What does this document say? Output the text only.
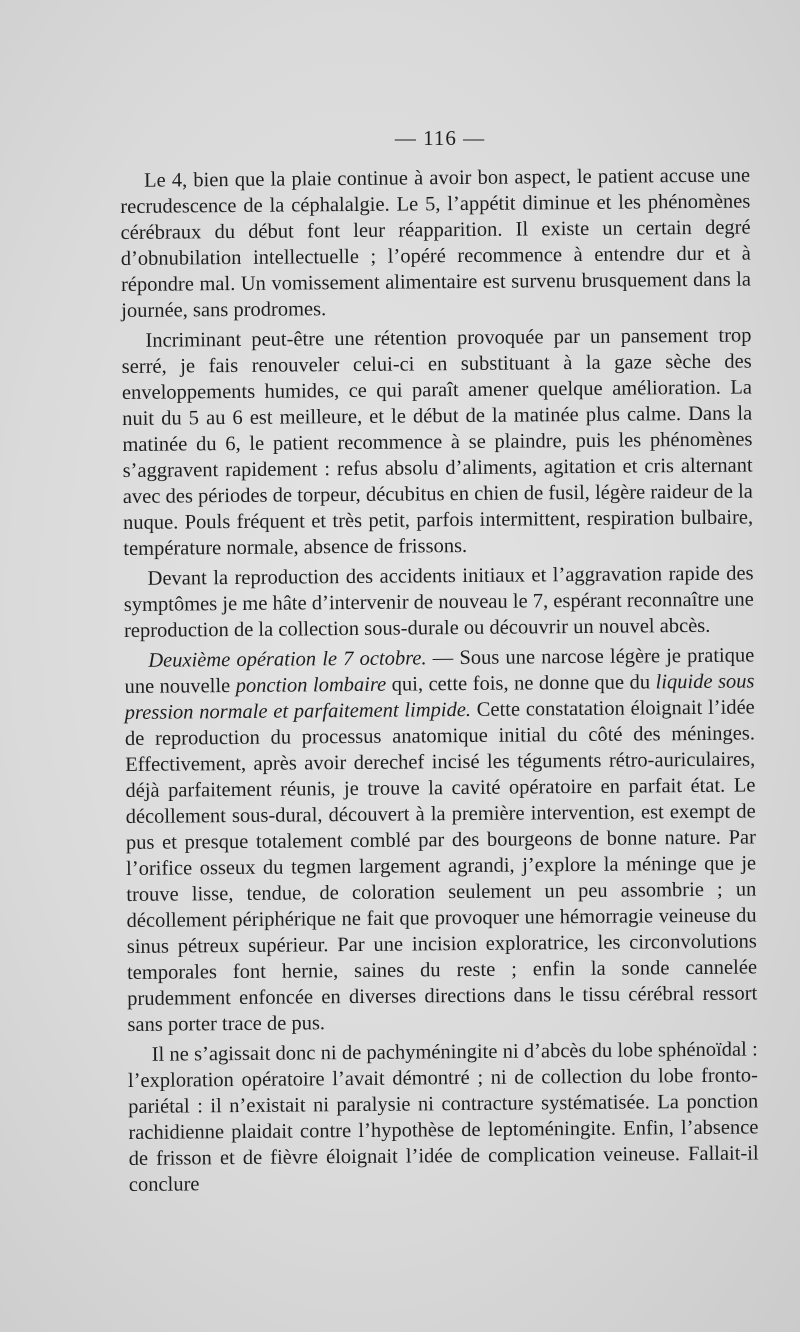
— 116 —

Le 4, bien que la plaie continue à avoir bon aspect, le patient accuse une recrudescence de la céphalalgie. Le 5, l’appétit diminue et les phénomènes cérébraux du début font leur réapparition. Il existe un certain degré d’obnubilation intellectuelle ; l’opéré recommence à entendre dur et à répondre mal. Un vomissement alimentaire est survenu brusquement dans la journée, sans prodromes.

Incriminant peut-être une rétention provoquée par un pansement trop serré, je fais renouveler celui-ci en substituant à la gaze sèche des enveloppements humides, ce qui paraît amener quelque amélioration. La nuit du 5 au 6 est meilleure, et le début de la matinée plus calme. Dans la matinée du 6, le patient recommence à se plaindre, puis les phénomènes s’aggravent rapidement : refus absolu d’aliments, agitation et cris alternant avec des périodes de torpeur, décubitus en chien de fusil, légère raideur de la nuque. Pouls fréquent et très petit, parfois intermittent, respiration bulbaire, température normale, absence de frissons.

Devant la reproduction des accidents initiaux et l’aggravation rapide des symptômes je me hâte d’intervenir de nouveau le 7, espérant reconnaître une reproduction de la collection sous-durale ou découvrir un nouvel abcès.

Deuxième opération le 7 octobre. — Sous une narcose légère je pratique une nouvelle ponction lombaire qui, cette fois, ne donne que du liquide sous pression normale et parfaitement limpide. Cette constatation éloignait l’idée de reproduction du processus anatomique initial du côté des méninges. Effectivement, après avoir derechef incisé les téguments rétro-auriculaires, déjà parfaitement réunis, je trouve la cavité opératoire en parfait état. Le décollement sous-dural, découvert à la première intervention, est exempt de pus et presque totalement comblé par des bourgeons de bonne nature. Par l’orifice osseux du tegmen largement agrandi, j’explore la méninge que je trouve lisse, tendue, de coloration seulement un peu assombrie ; un décollement périphérique ne fait que provoquer une hémorragie veineuse du sinus pétreux supérieur. Par une incision exploratrice, les circonvolutions temporales font hernie, saines du reste ; enfin la sonde cannelée prudemment enfoncée en diverses directions dans le tissu cérébral ressort sans porter trace de pus.

Il ne s’agissait donc ni de pachyméningite ni d’abcès du lobe sphénoïdal : l’exploration opératoire l’avait démontré ; ni de collection du lobe fronto-pariétal : il n’existait ni paralysie ni contracture systématisée. La ponction rachidienne plaidait contre l’hypothèse de leptoméningite. Enfin, l’absence de frisson et de fièvre éloignait l’idée de complication veineuse. Fallait-il conclure
